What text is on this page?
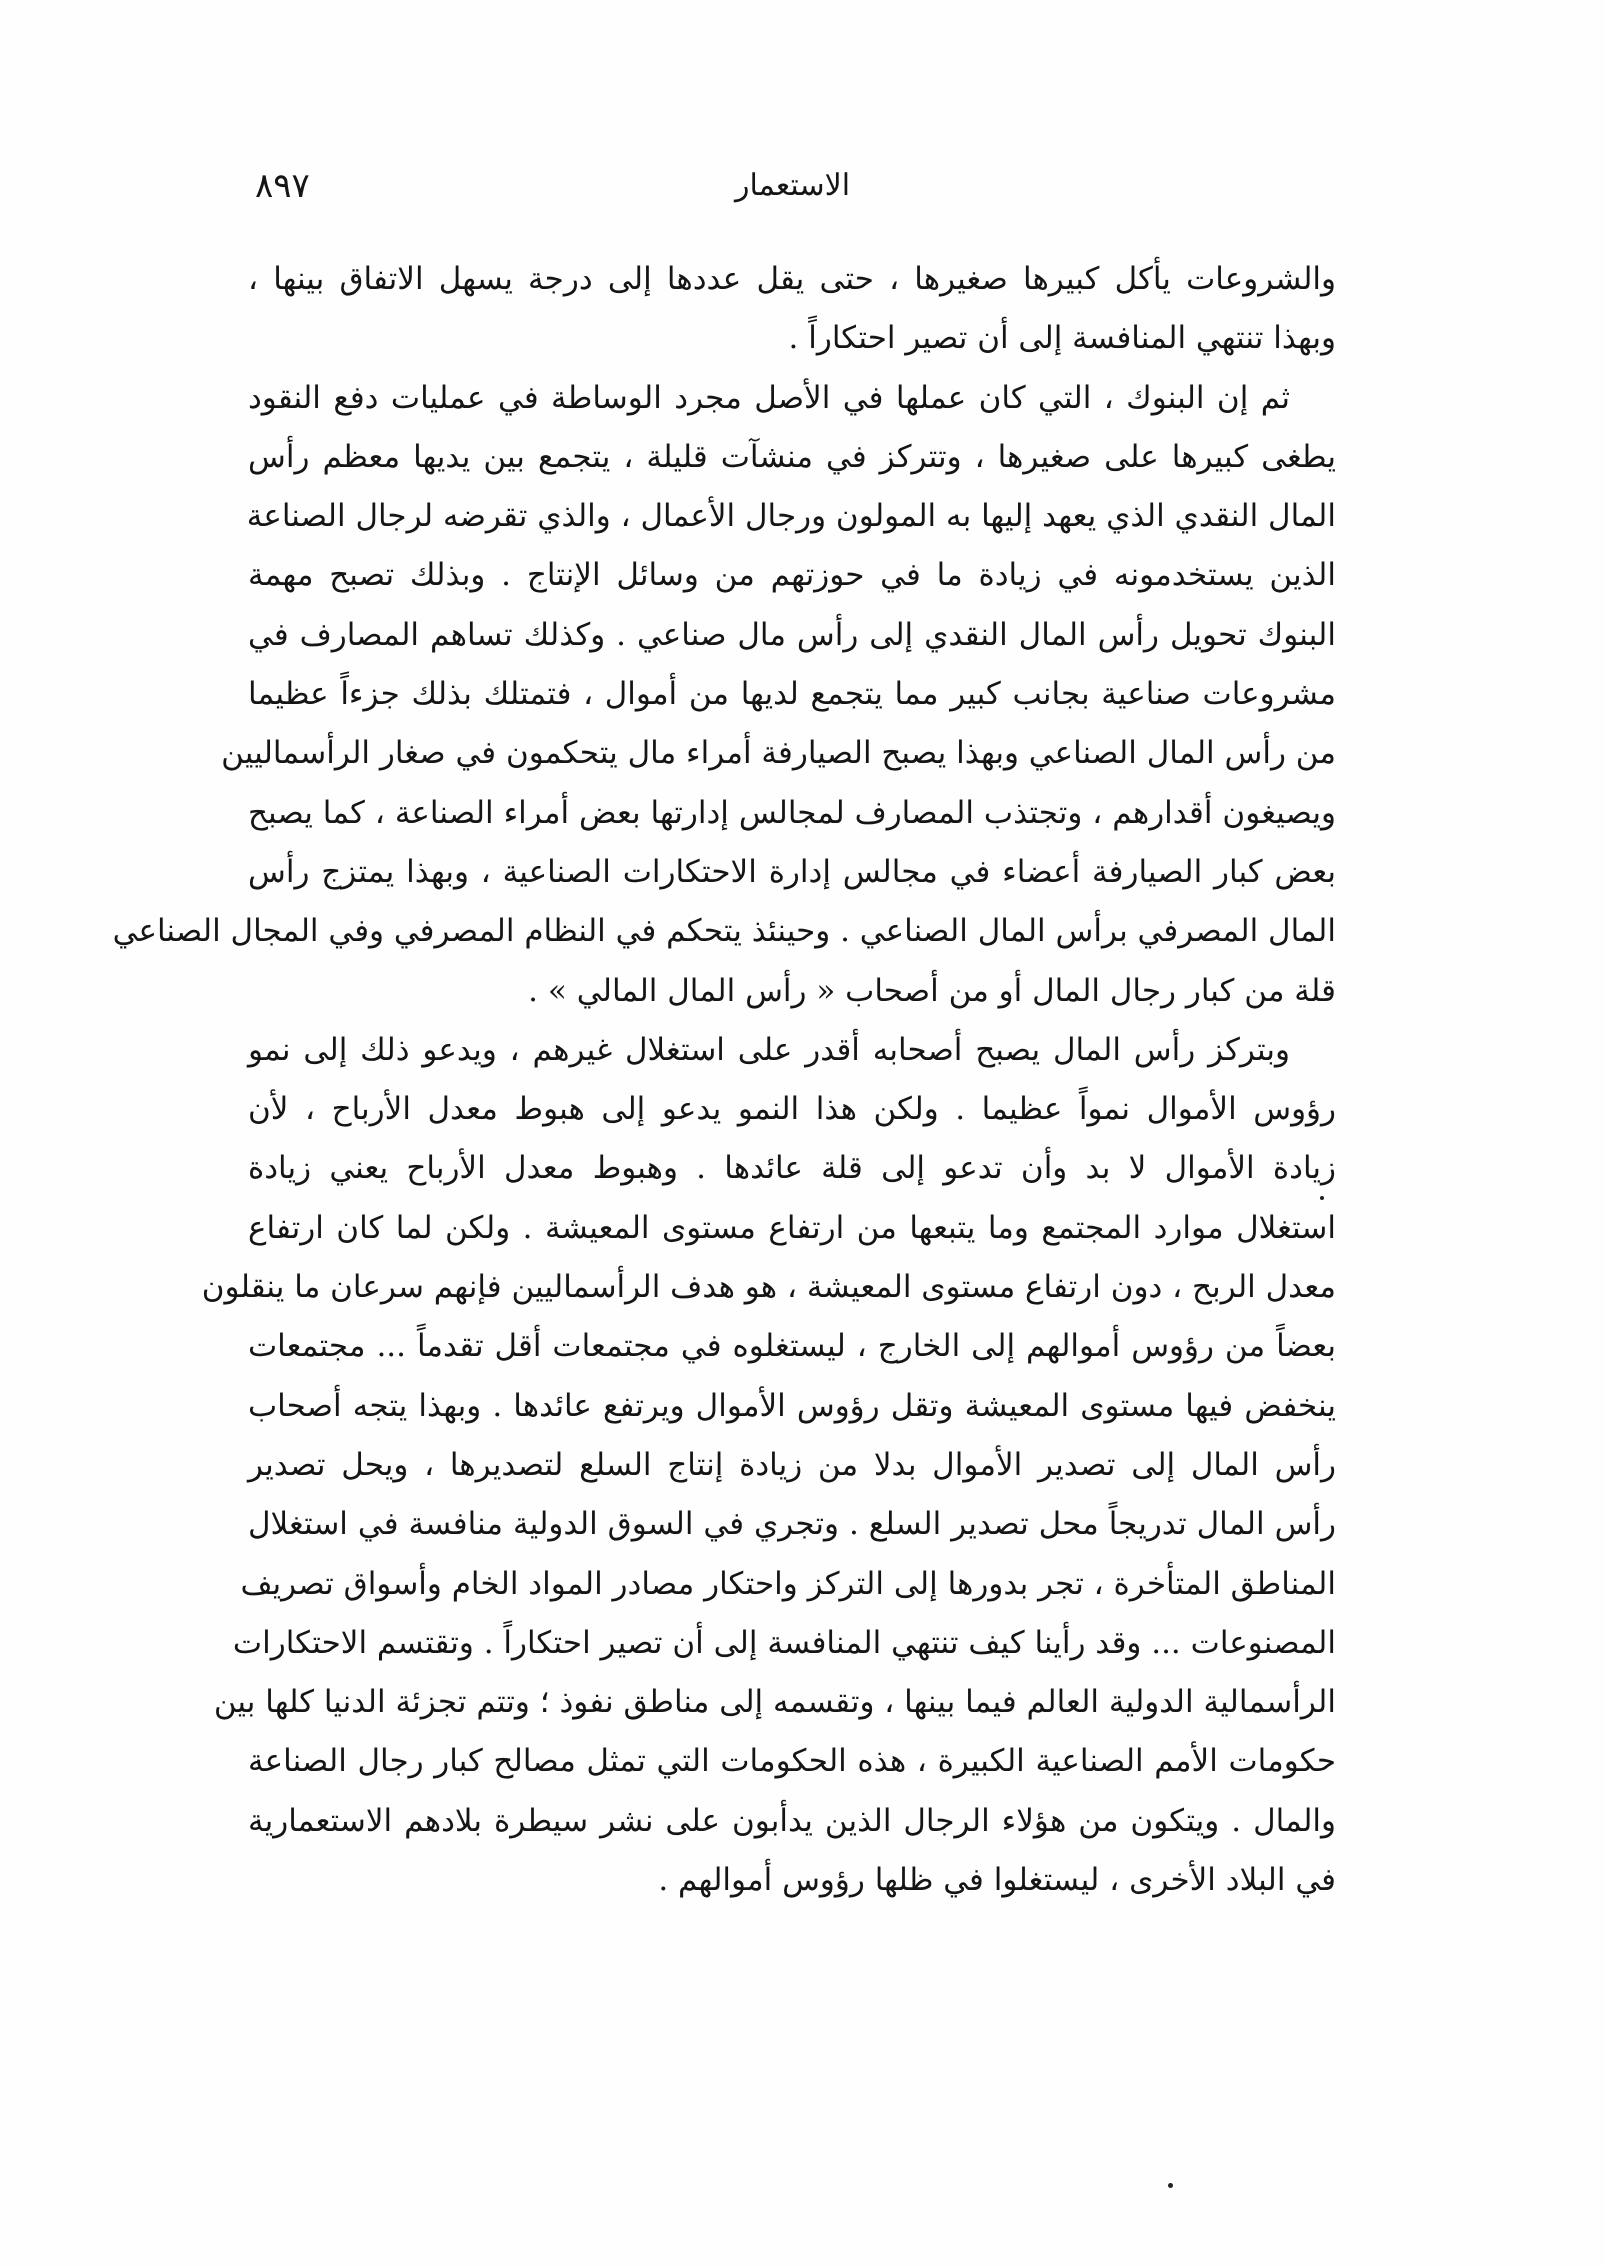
٨٩٧	الاستعمار
والشروعات يأكل كبيرها صغيرها ، حتى يقل عددها إلى درجة يسهل الاتفاق بينها ،
وبهذا تنتهي المنافسة إلى أن تصير احتكاراً .
ثم إن البنوك ، التي كان عملها في الأصل مجرد الوساطة في عمليات دفع النقود
يطغى كبيرها على صغيرها ، وتتركز في منشآت قليلة ، يتجمع بين يديها معظم رأس
المال النقدي الذي يعهد إليها به المولون ورجال الأعمال ، والذي تقرضه لرجال الصناعة
الذين يستخدمونه في زيادة ما في حوزتهم من وسائل الإنتاج . وبذلك تصبح مهمة
البنوك تحويل رأس المال النقدي إلى رأس مال صناعي . وكذلك تساهم المصارف في
مشروعات صناعية بجانب كبير مما يتجمع لديها من أموال ، فتمتلك بذلك جزءاً عظيما
من رأس المال الصناعي وبهذا يصبح الصيارفة أمراء مال يتحكمون في صغار الرأسماليين
ويصيغون أقدارهم ، وتجتذب المصارف لمجالس إدارتها بعض أمراء الصناعة ، كما يصبح
بعض كبار الصيارفة أعضاء في مجالس إدارة الاحتكارات الصناعية ، وبهذا يمتزج رأس
المال المصرفي برأس المال الصناعي . وحينئذ يتحكم في النظام المصرفي وفي المجال الصناعي
قلة من كبار رجال المال أو من أصحاب « رأس المال المالي » .
وبتركز رأس المال يصبح أصحابه أقدر على استغلال غيرهم ، ويدعو ذلك إلى نمو
رؤوس الأموال نمواً عظيما . ولكن هذا النمو يدعو إلى هبوط معدل الأرباح ، لأن
زيادة الأموال لا بد وأن تدعو إلى قلة عائدها . وهبوط معدل الأرباح يعني زيادة
استغلال موارد المجتمع وما يتبعها من ارتفاع مستوى المعيشة . ولكن لما كان ارتفاع
معدل الربح ، دون ارتفاع مستوى المعيشة ، هو هدف الرأسماليين فإنهم سرعان ما ينقلون
بعضاً من رؤوس أموالهم إلى الخارج ، ليستغلوه في مجتمعات أقل تقدماً ... مجتمعات
ينخفض فيها مستوى المعيشة وتقل رؤوس الأموال ويرتفع عائدها . وبهذا يتجه أصحاب
رأس المال إلى تصدير الأموال بدلا من زيادة إنتاج السلع لتصديرها ، ويحل تصدير
رأس المال تدريجاً محل تصدير السلع . وتجري في السوق الدولية منافسة في استغلال
المناطق المتأخرة ، تجر بدورها إلى التركز واحتكار مصادر المواد الخام وأسواق تصريف
المصنوعات ... وقد رأينا كيف تنتهي المنافسة إلى أن تصير احتكاراً . وتقتسم الاحتكارات
الرأسمالية الدولية العالم فيما بينها ، وتقسمه إلى مناطق نفوذ ؛ وتتم تجزئة الدنيا كلها بين
حكومات الأمم الصناعية الكبيرة ، هذه الحكومات التي تمثل مصالح كبار رجال الصناعة
والمال . ويتكون من هؤلاء الرجال الذين يدأبون على نشر سيطرة بلادهم الاستعمارية
في البلاد الأخرى ، ليستغلوا في ظلها رؤوس أموالهم .
